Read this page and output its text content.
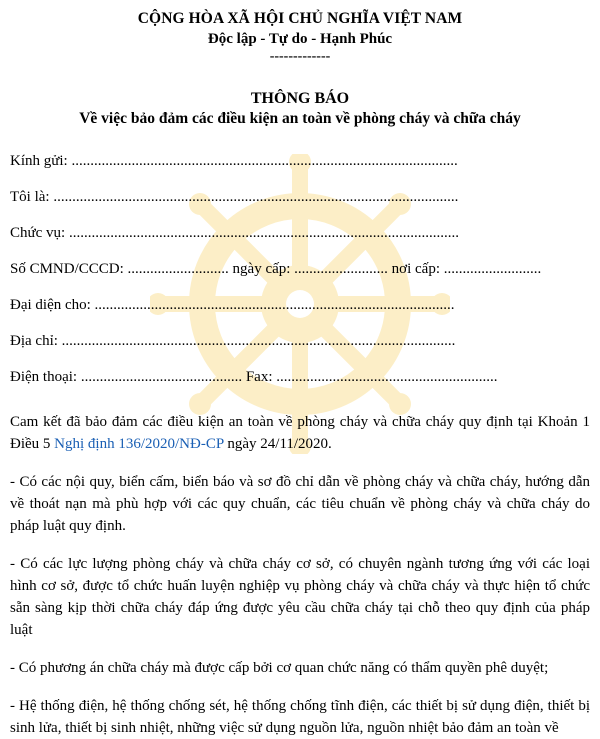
CỘNG HÒA XÃ HỘI CHỦ NGHĨA VIỆT NAM
Độc lập - Tự do - Hạnh Phúc
-------------
THÔNG BÁO
Về việc bảo đảm các điều kiện an toàn về phòng cháy và chữa cháy
Kính gửi: .......................................................................................................
Tôi là: ............................................................................................................
Chức vụ: ........................................................................................................
Số CMND/CCCD: ........................... ngày cấp: ......................... nơi cấp: ..........................
Đại diện cho: ................................................................................................
Địa chỉ: .........................................................................................................
Điện thoại: ........................................... Fax: ...........................................................

Cam kết đã bảo đảm các điều kiện an toàn về phòng cháy và chữa cháy quy định tại Khoản 1 Điều 5 Nghị định 136/2020/NĐ-CP ngày 24/11/2020.

- Có các nội quy, biển cấm, biển báo và sơ đồ chỉ dẫn về phòng cháy và chữa cháy, hướng dẫn về thoát nạn mà phù hợp với các quy chuẩn, các tiêu chuẩn về phòng cháy và chữa cháy do pháp luật quy định.

- Có các lực lượng phòng cháy và chữa cháy cơ sở, có chuyên ngành tương ứng với các loại hình cơ sở, được tổ chức huấn luyện nghiệp vụ phòng cháy và chữa cháy và thực hiện tổ chức sẵn sàng kịp thời chữa cháy đáp ứng được yêu cầu chữa cháy tại chỗ theo quy định của pháp luật

- Có phương án chữa cháy mà được cấp bởi cơ quan chức năng có thẩm quyền phê duyệt;

- Hệ thống điện, hệ thống chống sét, hệ thống chống tĩnh điện, các thiết bị sử dụng điện, thiết bị sinh lửa, thiết bị sinh nhiệt, những việc sử dụng nguồn lửa, nguồn nhiệt bảo đảm an toàn về
